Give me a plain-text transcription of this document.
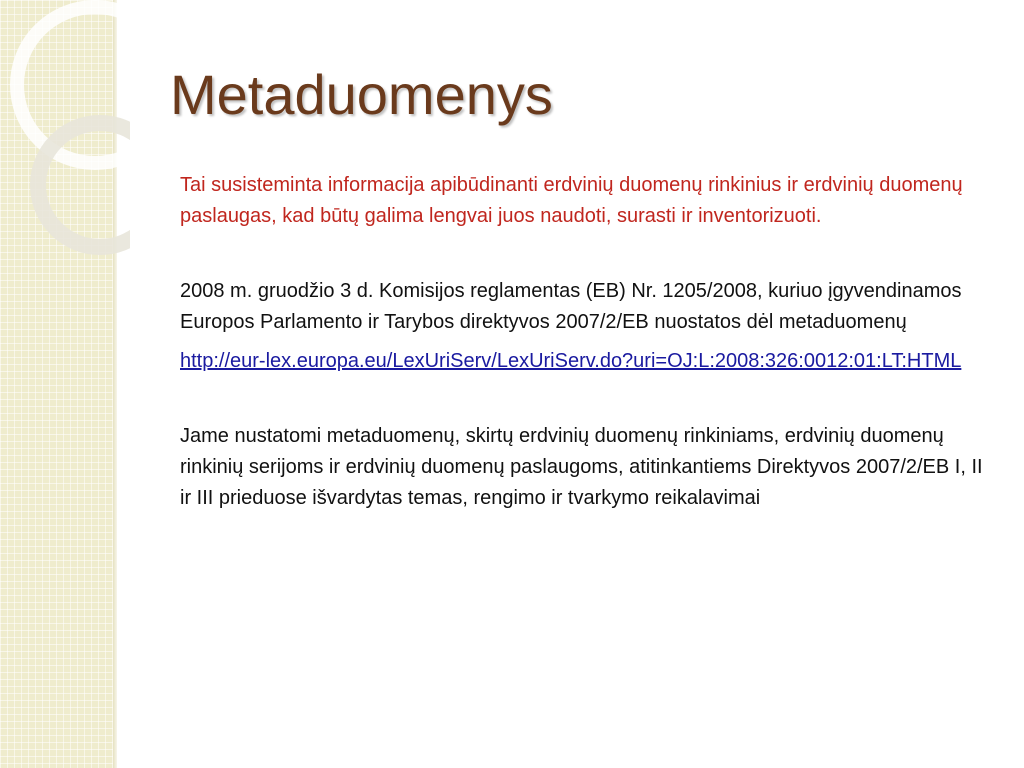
Metaduomenys

Tai susisteminta informacija apibūdinanti erdvinių duomenų rinkinius ir erdvinių duomenų paslaugas, kad būtų galima lengvai juos naudoti, surasti ir inventorizuoti.

2008 m. gruodžio 3 d. Komisijos reglamentas (EB) Nr. 1205/2008, kuriuo įgyvendinamos Europos Parlamento ir Tarybos direktyvos 2007/2/EB nuostatos dėl metaduomenų

http://eur-lex.europa.eu/LexUriServ/LexUriServ.do?uri=OJ:L:2008:326:0012:01:LT:HTML

Jame nustatomi metaduomenų, skirtų erdvinių duomenų rinkiniams, erdvinių duomenų rinkinių serijoms ir erdvinių duomenų paslaugoms, atitinkantiems Direktyvos 2007/2/EB I, II ir III prieduose išvardytas temas, rengimo ir tvarkymo reikalavimai
